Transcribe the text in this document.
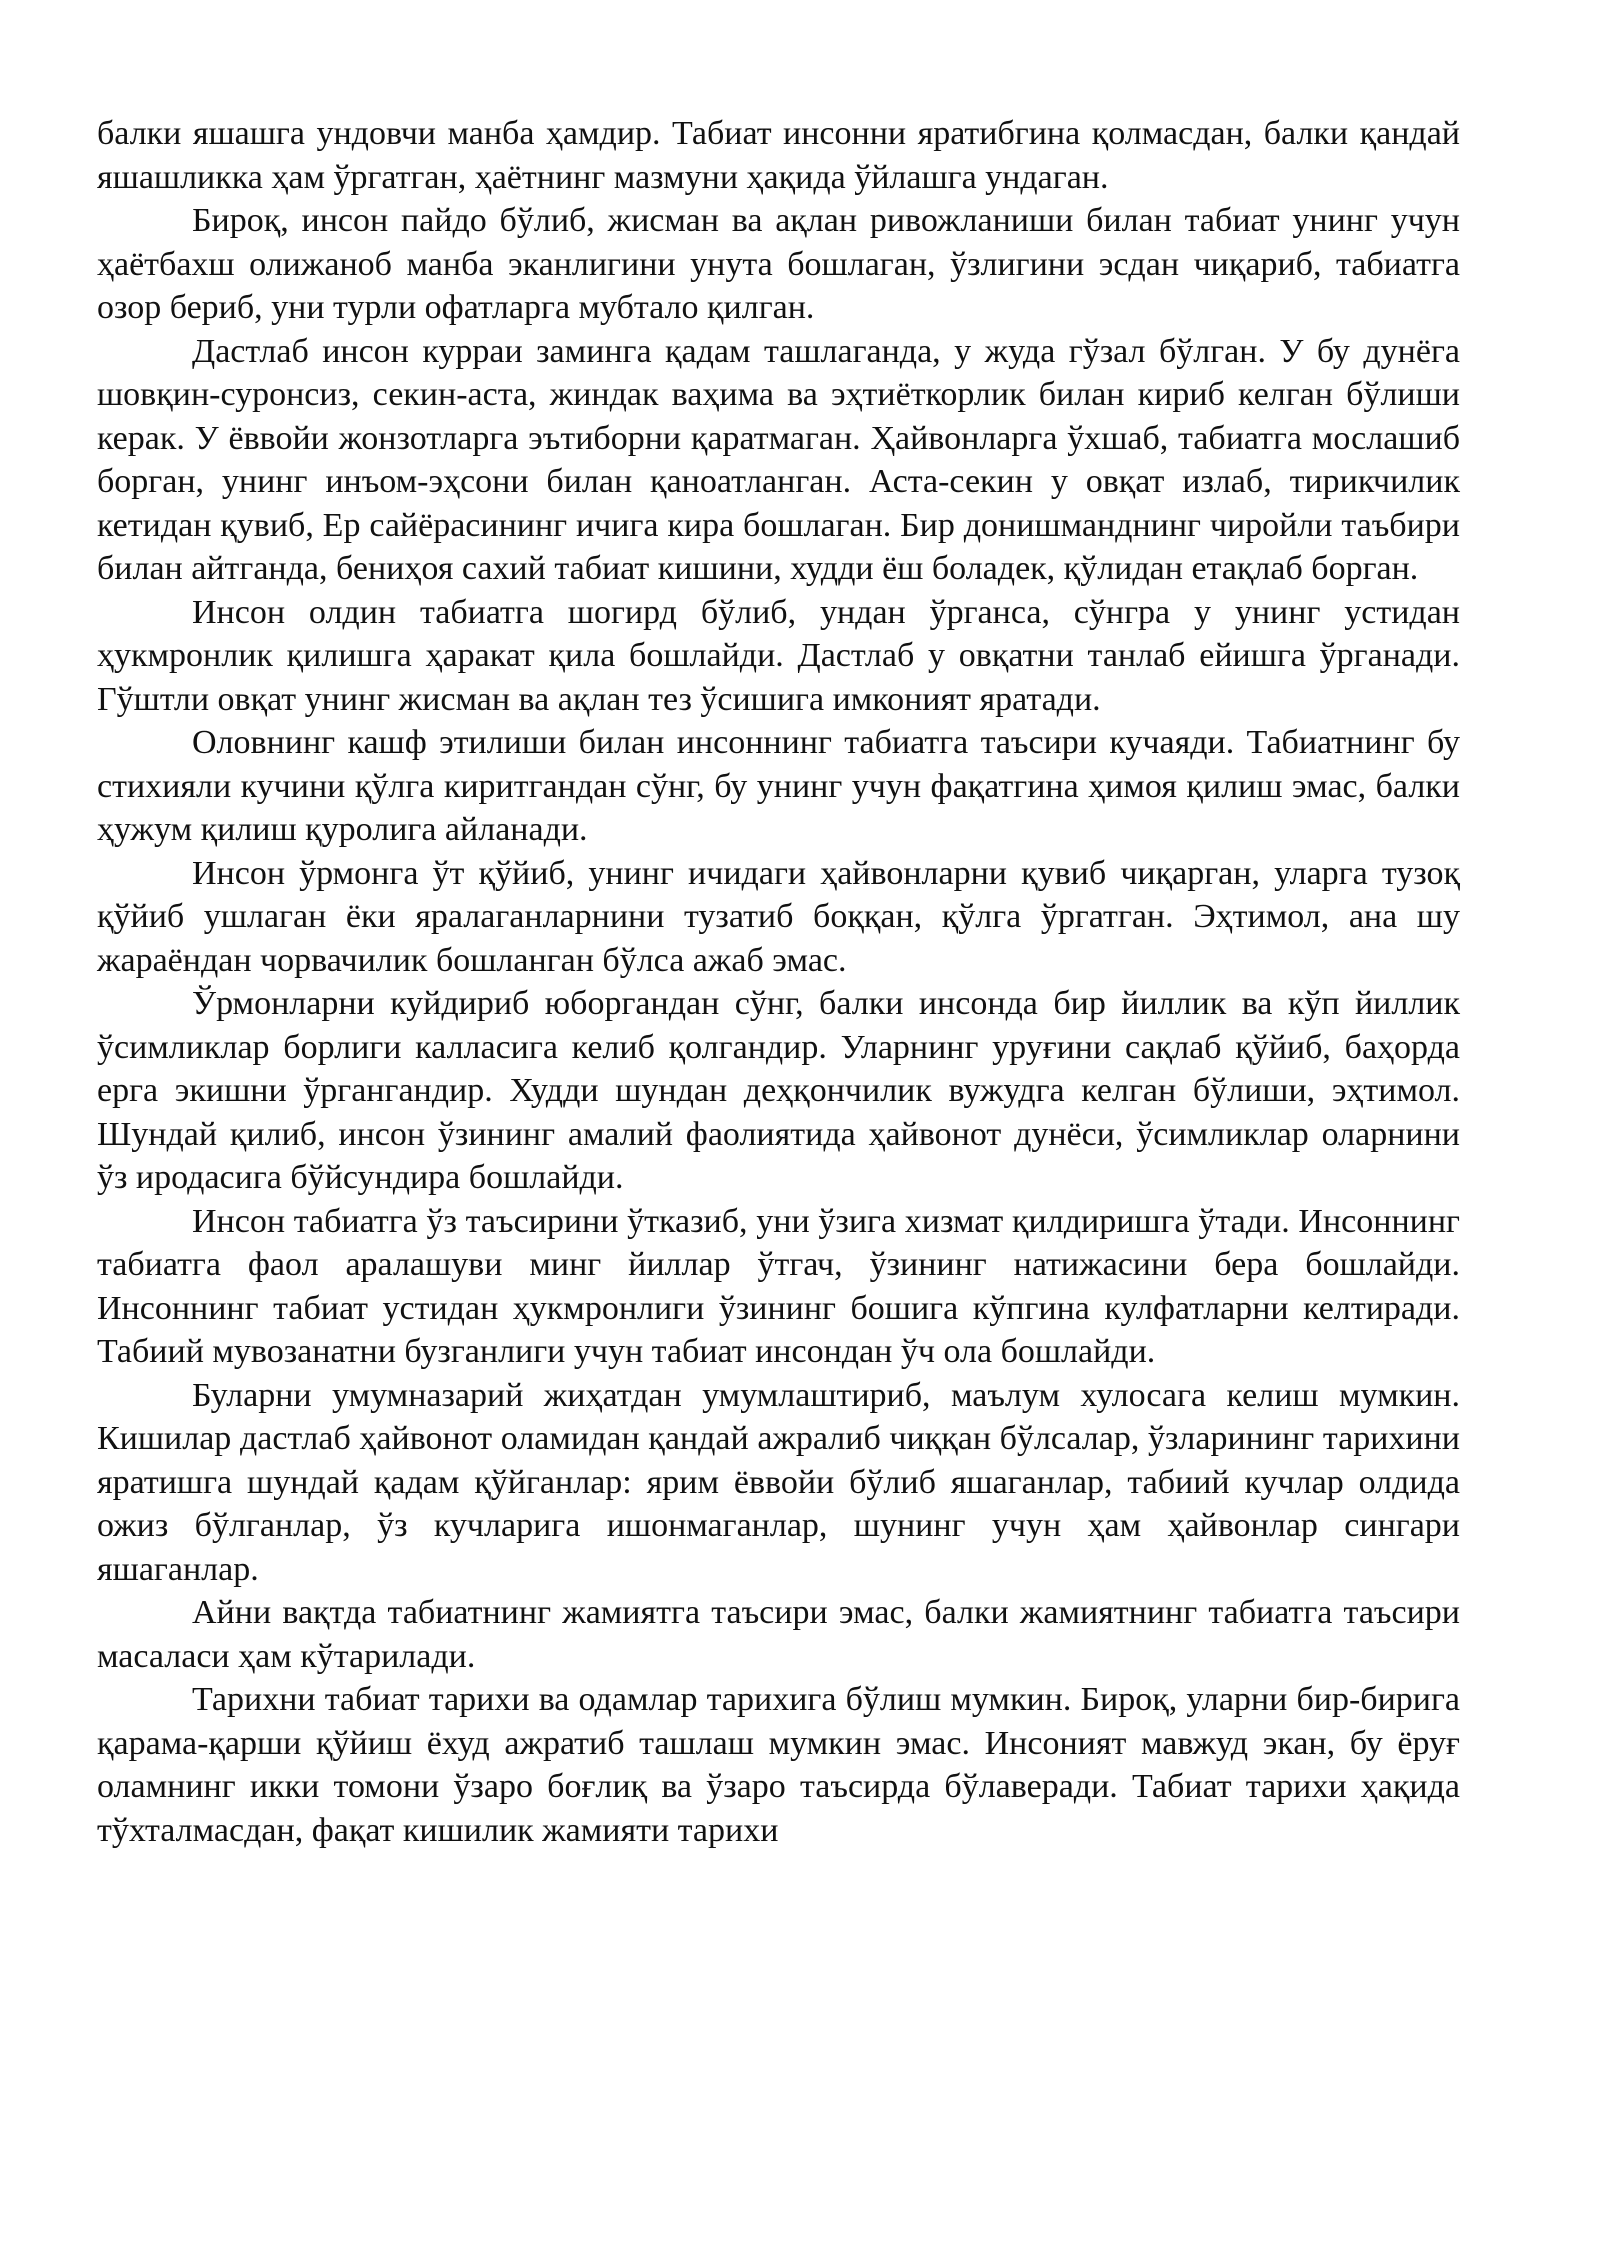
балки яшашга ундовчи манба ҳамдир. Табиат инсонни яратибгина қолмасдан, балки қандай яшашликка ҳам ўргатган, ҳаётнинг мазмуни ҳақида ўйлашга ундаган.

Бироқ, инсон пайдо бўлиб, жисман ва ақлан ривожланиши билан табиат унинг учун ҳаётбахш олижаноб манба эканлигини унута бошлаган, ўзлигини эсдан чиқариб, табиатга озор бериб, уни турли офатларга мубтало қилган.

Дастлаб инсон курраи заминга қадам ташлаганда, у жуда гўзал бўлган. У бу дунёга шовқин-суронсиз, секин-аста, жиндак ваҳима ва эҳтиёткорлик билан кириб келган бўлиши керак. У ёввойи жонзотларга эътиборни қаратмаган. Ҳайвонларга ўхшаб, табиатга мослашиб борган, унинг инъом-эҳсони билан қаноатланган. Аста-секин у овқат излаб, тирикчилик кетидан қувиб, Ер сайёрасининг ичига кира бошлаган. Бир донишманднинг чиройли таъбири билан айтганда, бениҳоя сахий табиат кишини, худди ёш боладек, қўлидан етақлаб борган.

Инсон олдин табиатга шогирд бўлиб, ундан ўрганса, сўнгра у унинг устидан ҳукмронлик қилишга ҳаракат қила бошлайди. Дастлаб у овқатни танлаб ейишга ўрганади. Гўштли овқат унинг жисман ва ақлан тез ўсишига имконият яратади.

Оловнинг кашф этилиши билан инсоннинг табиатга таъсири кучаяди. Табиатнинг бу стихияли кучини қўлга киритгандан сўнг, бу унинг учун фақатгина ҳимоя қилиш эмас, балки ҳужум қилиш қуролига айланади.

Инсон ўрмонга ўт қўйиб, унинг ичидаги ҳайвонларни қувиб чиқарган, уларга тузоқ қўйиб ушлаган ёки яралаганларнини тузатиб боққан, қўлга ўргатган. Эҳтимол, ана шу жараёндан чорвачилик бошланган бўлса ажаб эмас.

Ўрмонларни куйдириб юборгандан сўнг, балки инсонда бир йиллик ва кўп йиллик ўсимликлар борлиги калласига келиб қолгандир. Уларнинг уруғини сақлаб қўйиб, баҳорда ерга экишни ўргангандир. Худди шундан деҳқончилик вужудга келган бўлиши, эҳтимол. Шундай қилиб, инсон ўзининг амалий фаолиятида ҳайвонот дунёси, ўсимликлар оларнини ўз иродасига бўйсундира бошлайди.

Инсон табиатга ўз таъсирини ўтказиб, уни ўзига хизмат қилдиришга ўтади. Инсоннинг табиатга фаол аралашуви минг йиллар ўтгач, ўзининг натижасини бера бошлайди. Инсоннинг табиат устидан ҳукмронлиги ўзининг бошига кўпгина кулфатларни келтиради. Табиий мувозанатни бузганлиги учун табиат инсондан ўч ола бошлайди.

Буларни умумназарий жиҳатдан умумлаштириб, маълум хулосага келиш мумкин. Кишилар дастлаб ҳайвонот оламидан қандай ажралиб чиққан бўлсалар, ўзларининг тарихини яратишга шундай қадам қўйганлар: ярим ёввойи бўлиб яшаганлар, табиий кучлар олдида ожиз бўлганлар, ўз кучларига ишонмаганлар, шунинг учун ҳам ҳайвонлар сингари яшаганлар.

Айни вақтда табиатнинг жамиятга таъсири эмас, балки жамиятнинг табиатга таъсири масаласи ҳам кўтарилади.

Тарихни табиат тарихи ва одамлар тарихига бўлиш мумкин. Бироқ, уларни бир-бирига қарама-қарши қўйиш ёхуд ажратиб ташлаш мумкин эмас. Инсоният мавжуд экан, бу ёруғ оламнинг икки томони ўзаро боғлиқ ва ўзаро таъсирда бўлаверади. Табиат тарихи ҳақида тўхталмасдан, фақат кишилик жамияти тарихи
